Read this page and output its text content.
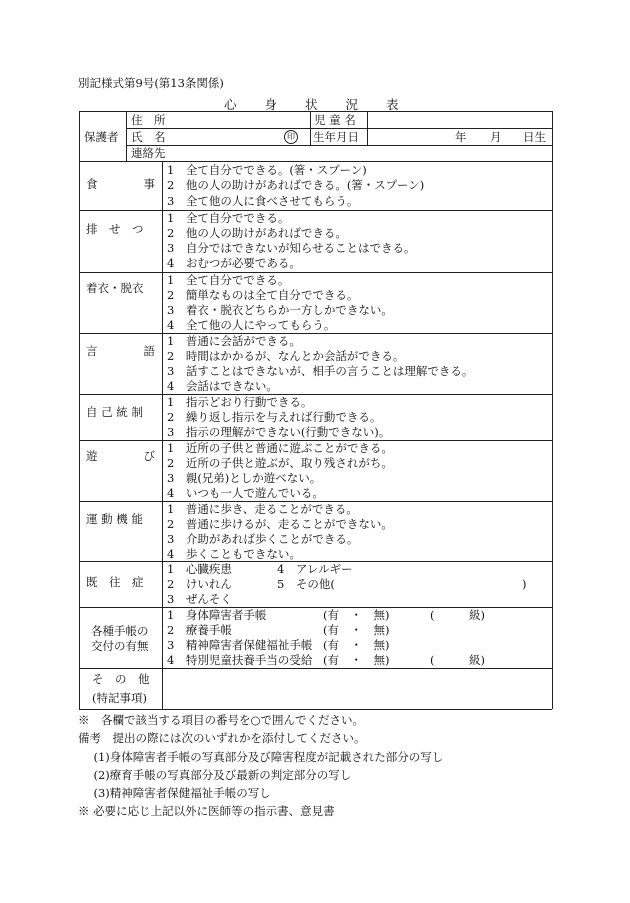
別記様式第9号(第13条関係)
心　　身　　状　　況　　表
保護者
住　所	児 童 名
氏　名	印 生年月日	年 月 日生
連絡先
食　　　　事
1　全て自分でできる。(箸・スプーン)
2　他の人の助けがあればできる。(箸・スプーン)
3　全て他の人に食べさせてもらう。
排　せ　つ
1　全て自分でできる。
2　他の人の助けがあればできる。
3　自分ではできないが知らせることはできる。
4　おむつが必要である。
着衣・脱衣
1　全て自分でできる。
2　簡単なものは全て自分でできる。
3　着衣・脱衣どちらか一方しかできない。
4　全て他の人にやってもらう。
言　　　　語
1　普通に会話ができる。
2　時間はかかるが、なんとか会話ができる。
3　話すことはできないが、相手の言うことは理解できる。
4　会話はできない。
自 己 統 制
1　指示どおり行動できる。
2　繰り返し指示を与えれば行動できる。
3　指示の理解ができない(行動できない)。
遊　　　　び
1　近所の子供と普通に遊ぶことができる。
2　近所の子供と遊ぶが、取り残されがち。
3　親(兄弟)としか遊べない。
4　いつも一人で遊んでいる。
運 動 機 能
1　普通に歩き、走ることができる。
2　普通に歩けるが、走ることができない。
3　介助があれば歩くことができる。
4　歩くこともできない。
既　往　症
1　心臓疾患	4　アレルギー
2　けいれん	5　その他(	)
3　ぜんそく
各種手帳の
交付の有無
1　身体障害者手帳	(有　・　無)	(　　　級)
2　療養手帳	(有　・　無)
3　精神障害者保健福祉手帳 (有　・　無)
4　特別児童扶養手当の受給 (有　・　無)	(　　　級)
そ　の　他
(特記事項)
※　各欄で該当する項目の番号を○で囲んでください。
備考　提出の際には次のいずれかを添付してください。
　(1)身体障害者手帳の写真部分及び障害程度が記載された部分の写し
　(2)療育手帳の写真部分及び最新の判定部分の写し
　(3)精神障害者保健福祉手帳の写し
※ 必要に応じ上記以外に医師等の指示書、意見書
